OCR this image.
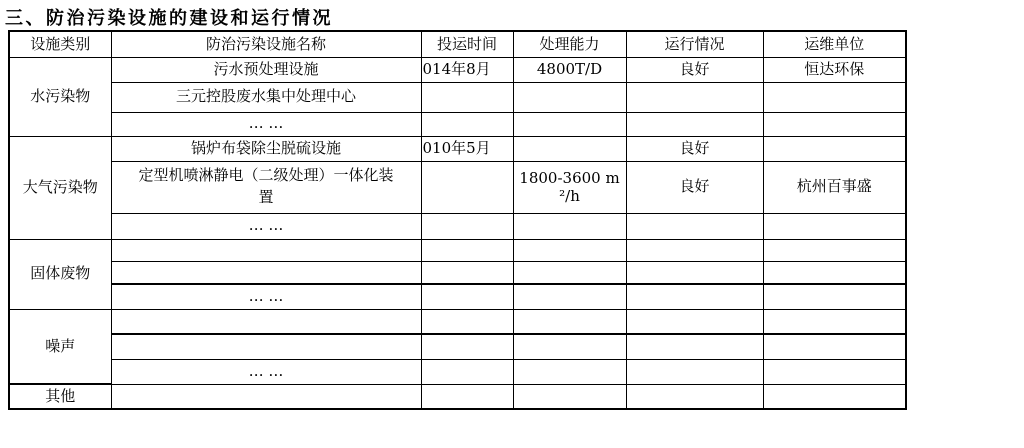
三、防治污染设施的建设和运行情况
设施类别	防治污染设施名称	投运时间	处理能力	运行情况	运维单位
水污染物	污水预处理设施	014年8月	4800T/D	良好	恒达环保
	三元控股废水集中处理中心				
	… …				
大气污染物	锅炉布袋除尘脱硫设施	010年5月		良好	

	定型机喷淋静电（二级处理）一体化装置		1800-3600 m²/h	良好	杭州百事盛
	… …				
固体废物					

	… …				
噪声					

	… …				
其他					
